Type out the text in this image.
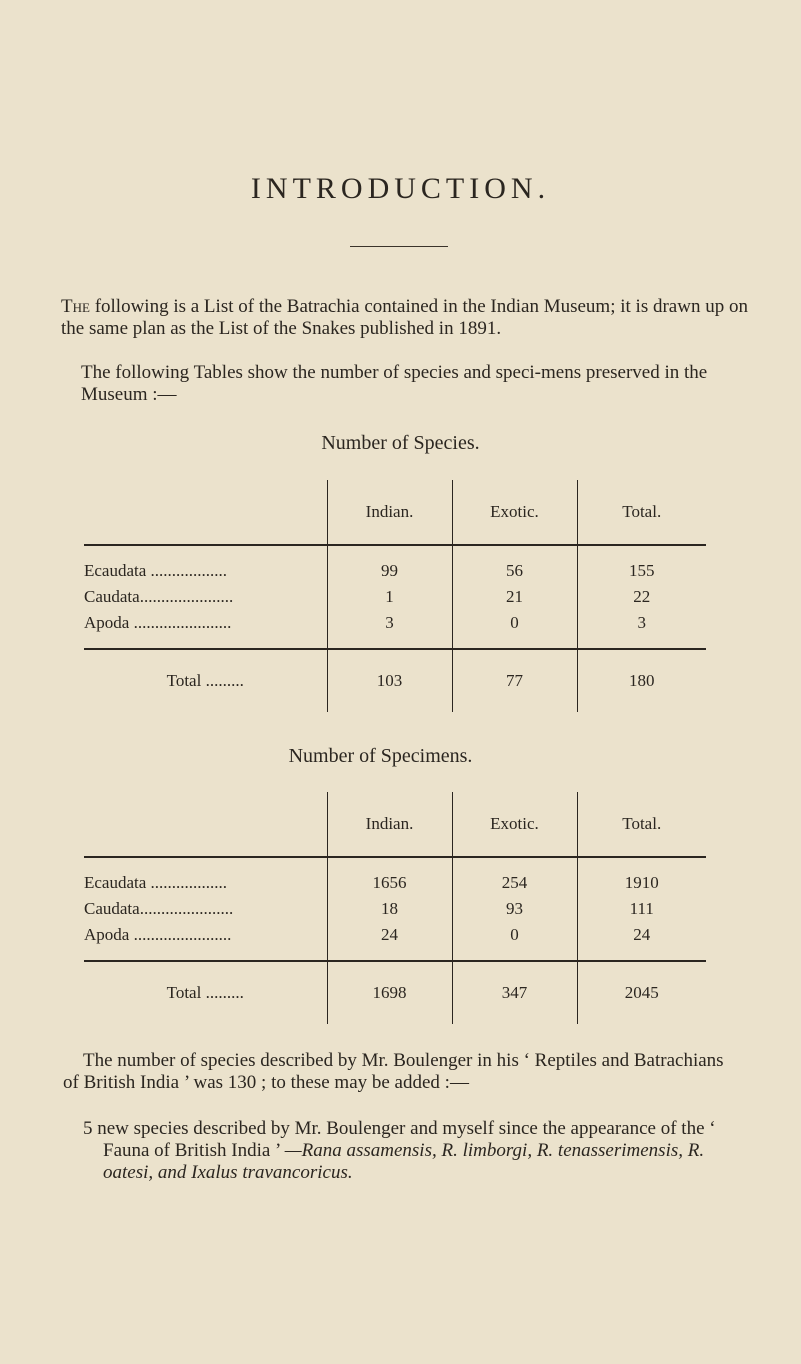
INTRODUCTION.
The following is a List of the Batrachia contained in the Indian Museum; it is drawn up on the same plan as the List of the Snakes published in 1891.
The following Tables show the number of species and speci-mens preserved in the Museum :—
Number of Species.
	Indian.	Exotic.	Total.
Ecaudata ..................	99	56	155
Caudata......................	1	21	22
Apoda .......................	3	0	3
Total .........	103	77	180
Number of Specimens.
	Indian.	Exotic.	Total.
Ecaudata ..................	1656	254	1910
Caudata......................	18	93	111
Apoda .......................	24	0	24
Total .........	1698	347	2045
The number of species described by Mr. Boulenger in his ‘ Reptiles and Batrachians of British India ’ was 130 ; to these may be added :—
5 new species described by Mr. Boulenger and myself since the appearance of the ‘ Fauna of British India ’ —Rana assamensis, R. limborgi, R. tenasserimensis, R. oatesi, and Ixalus travancoricus.
